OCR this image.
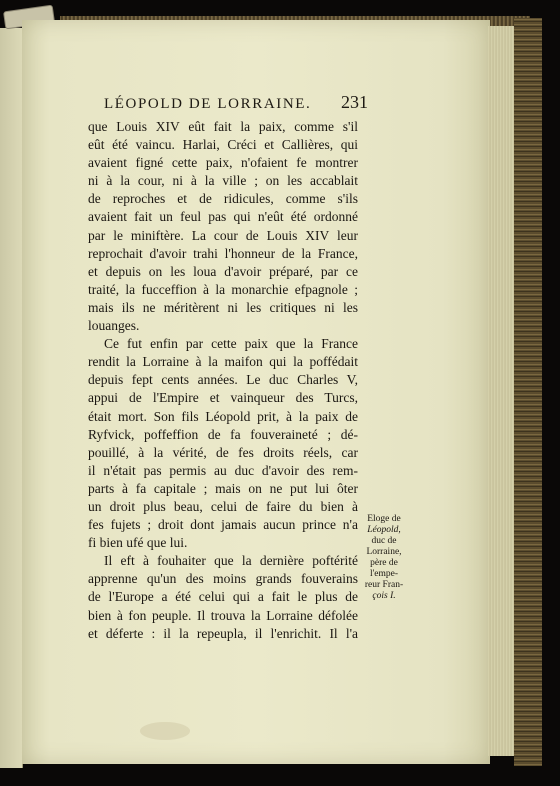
LÉOPOLD DE LORRAINE.	231
que Louis XIV eût fait la paix, comme s'il
eût été vaincu. Harlai, Créci et Callières, qui
avaient figné cette paix, n'ofaient fe montrer
ni à la cour, ni à la ville ; on les accablait
de reproches et de ridicules, comme s'ils
avaient fait un feul pas qui n'eût été ordonné
par le miniftère. La cour de Louis XIV leur
reprochait d'avoir trahi l'honneur de la France,
et depuis on les loua d'avoir préparé, par ce
traité, la fucceffion à la monarchie efpagnole ;
mais ils ne méritèrent ni les critiques ni les
louanges.
Ce fut enfin par cette paix que la France
rendit la Lorraine à la maifon qui la poffédait
depuis fept cents années. Le duc Charles V,
appui de l'Empire et vainqueur des Turcs,
était mort. Son fils Léopold prit, à la paix de
Ryfvick, poffeffion de fa fouveraineté ; dé-
pouillé, à la vérité, de fes droits réels, car
il n'était pas permis au duc d'avoir des rem-
parts à fa capitale ; mais on ne put lui ôter
un droit plus beau, celui de faire du bien à
fes fujets ; droit dont jamais aucun prince n'a
fi bien ufé que lui.
Il eft à fouhaiter que la dernière poftérité
apprenne qu'un des moins grands fouverains
de l'Europe a été celui qui a fait le plus de
bien à fon peuple. Il trouva la Lorraine défolée
et déferte : il la repeupla, il l'enrichit. Il l'a
Eloge de
Léopold,
duc de
Lorraine,
père de
l'empe-
reur Fran-
çois I.
